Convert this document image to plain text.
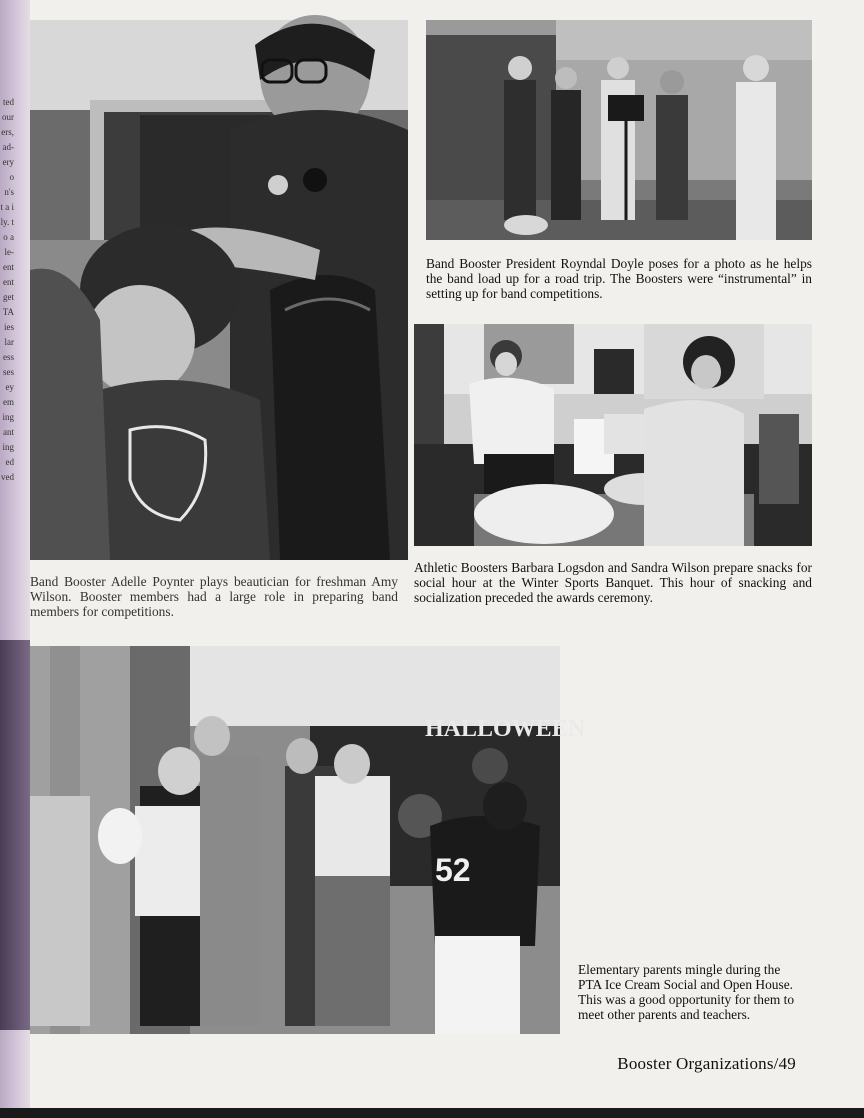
ted our ers, ad- ery on's t a ily. to a le- ent ent get TA ies lar ess ses ey em ing ant ing ed ved
Band Booster President Royndal Doyle poses for a photo as he helps the band load up for a road trip. The Boosters were “instrumental” in setting up for band competitions.
Band Booster Adelle Poynter plays beautician for freshman Amy Wilson. Booster members had a large role in preparing band members for competitions.
Athletic Boosters Barbara Logsdon and Sandra Wilson prepare snacks for social hour at the Winter Sports Banquet. This hour of snacking and socialization preceded the awards ceremony.
HALLOWEEN
52
Elementary parents mingle during the PTA Ice Cream Social and Open House. This was a good opportunity for them to meet other parents and teachers.
Booster Organizations/49
